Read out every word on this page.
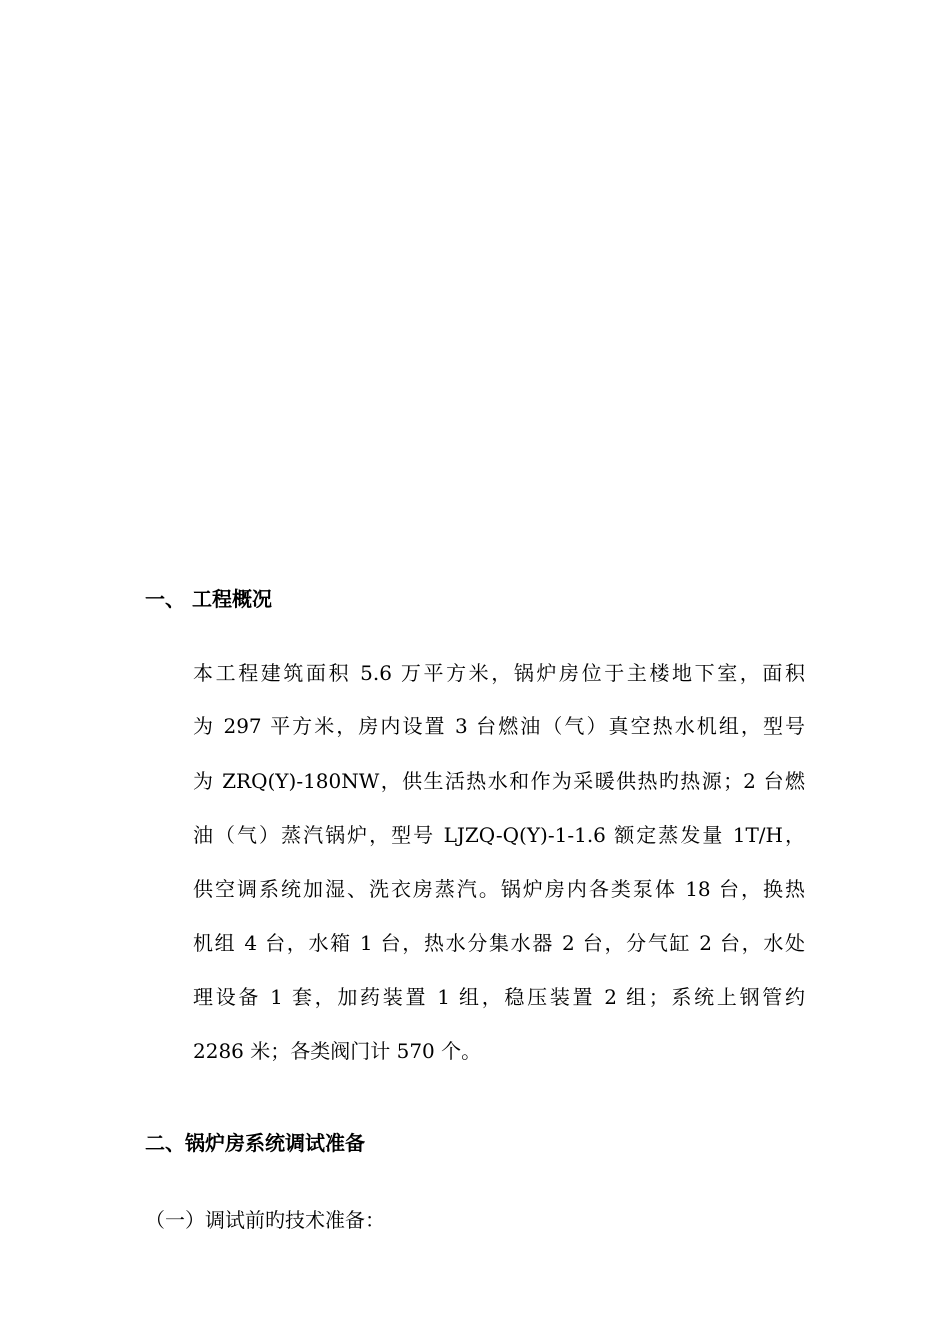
一、 工程概况
本工程建筑面积 5.6 万平方米，锅炉房位于主楼地下室，面积
为 297 平方米，房内设置 3 台燃油（气）真空热水机组，型号
为 ZRQ(Y)-180NW，供生活热水和作为采暖供热旳热源；2 台燃
油（气）蒸汽锅炉，型号 LJZQ-Q(Y)-1-1.6 额定蒸发量 1T/H，
供空调系统加湿、洗衣房蒸汽。锅炉房内各类泵体 18 台，换热
机组 4 台，水箱 1 台，热水分集水器 2 台，分气缸 2 台，水处
理设备 1 套，加药装置 1 组，稳压装置 2 组；系统上钢管约
2286 米；各类阀门计 570 个。
二、锅炉房系统调试准备
（一）调试前旳技术准备：
